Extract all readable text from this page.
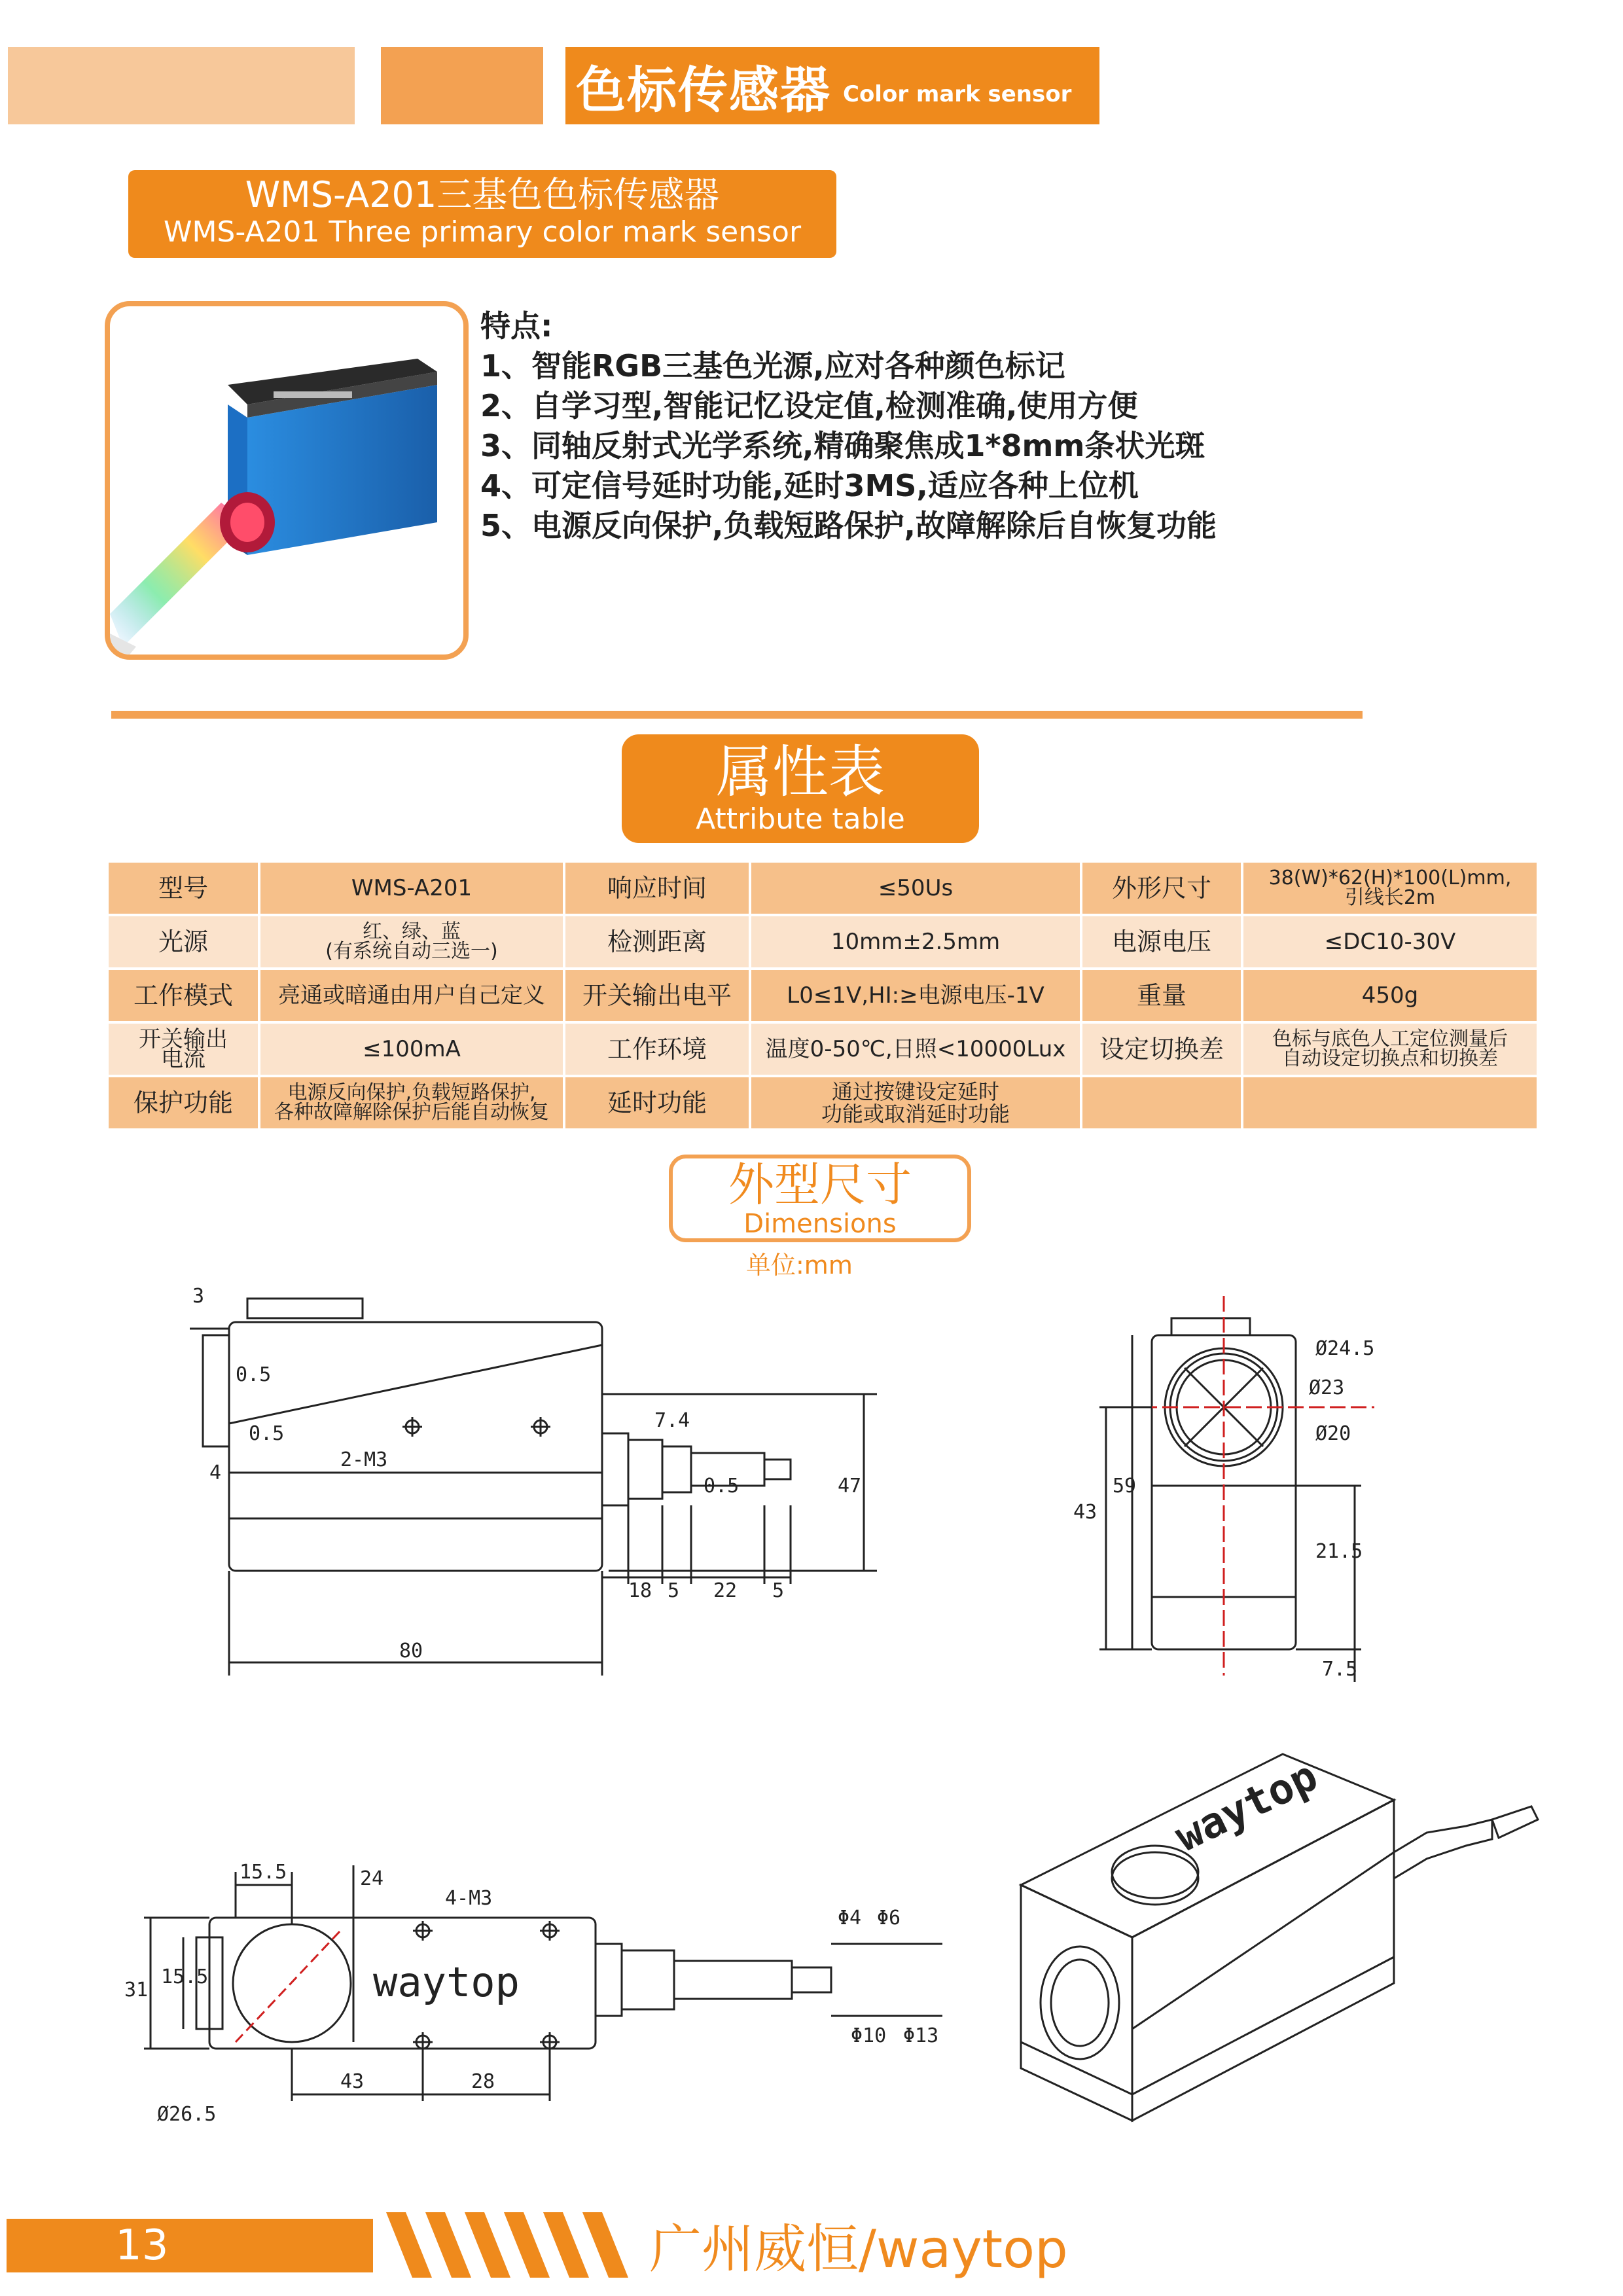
色标传感器 Color mark sensor
WMS-A201三基色色标传感器
WMS-A201 Three primary color mark sensor
特点:
1、智能RGB三基色光源,应对各种颜色标记
2、自学习型,智能记忆设定值,检测准确,使用方便
3、同轴反射式光学系统,精确聚焦成1*8mm条状光斑
4、可定信号延时功能,延时3MS,适应各种上位机
5、电源反向保护,负载短路保护,故障解除后自恢复功能
属性表
Attribute table
型号	WMS-A201	响应时间	≤50Us	外形尺寸	38(W)*62(H)*100(L)mm,
引线长2m
光源	红、绿、蓝
(有系统自动三选一)	检测距离	10mm±2.5mm	电源电压	≤DC10-30V
工作模式	亮通或暗通由用户自己定义	开关输出电平	L0≤1V,HI:≥电源电压-1V	重量	450g
开关输出
电流	≤100mA	工作环境	温度0-50℃,日照<10000Lux	设定切换差	色标与底色人工定位测量后
自动设定切换点和切换差
保护功能	电源反向保护,负载短路保护,
各种故障解除保护后能自动恢复	延时功能	通过按键设定延时
功能或取消延时功能		
外型尺寸
Dimensions
单位:mm
3
0.5
0.5
4
2-M3
7.4
0.5	47
18 5 22 5
80
Ø24.5
Ø23
Ø20
59
43
21.5
7.5
15.5	24
4-M3
15.5
31	waytop
Ø26.5
43	28
Φ4 Φ6
Φ10 Φ13
waytop
13	广州威恒/waytop
